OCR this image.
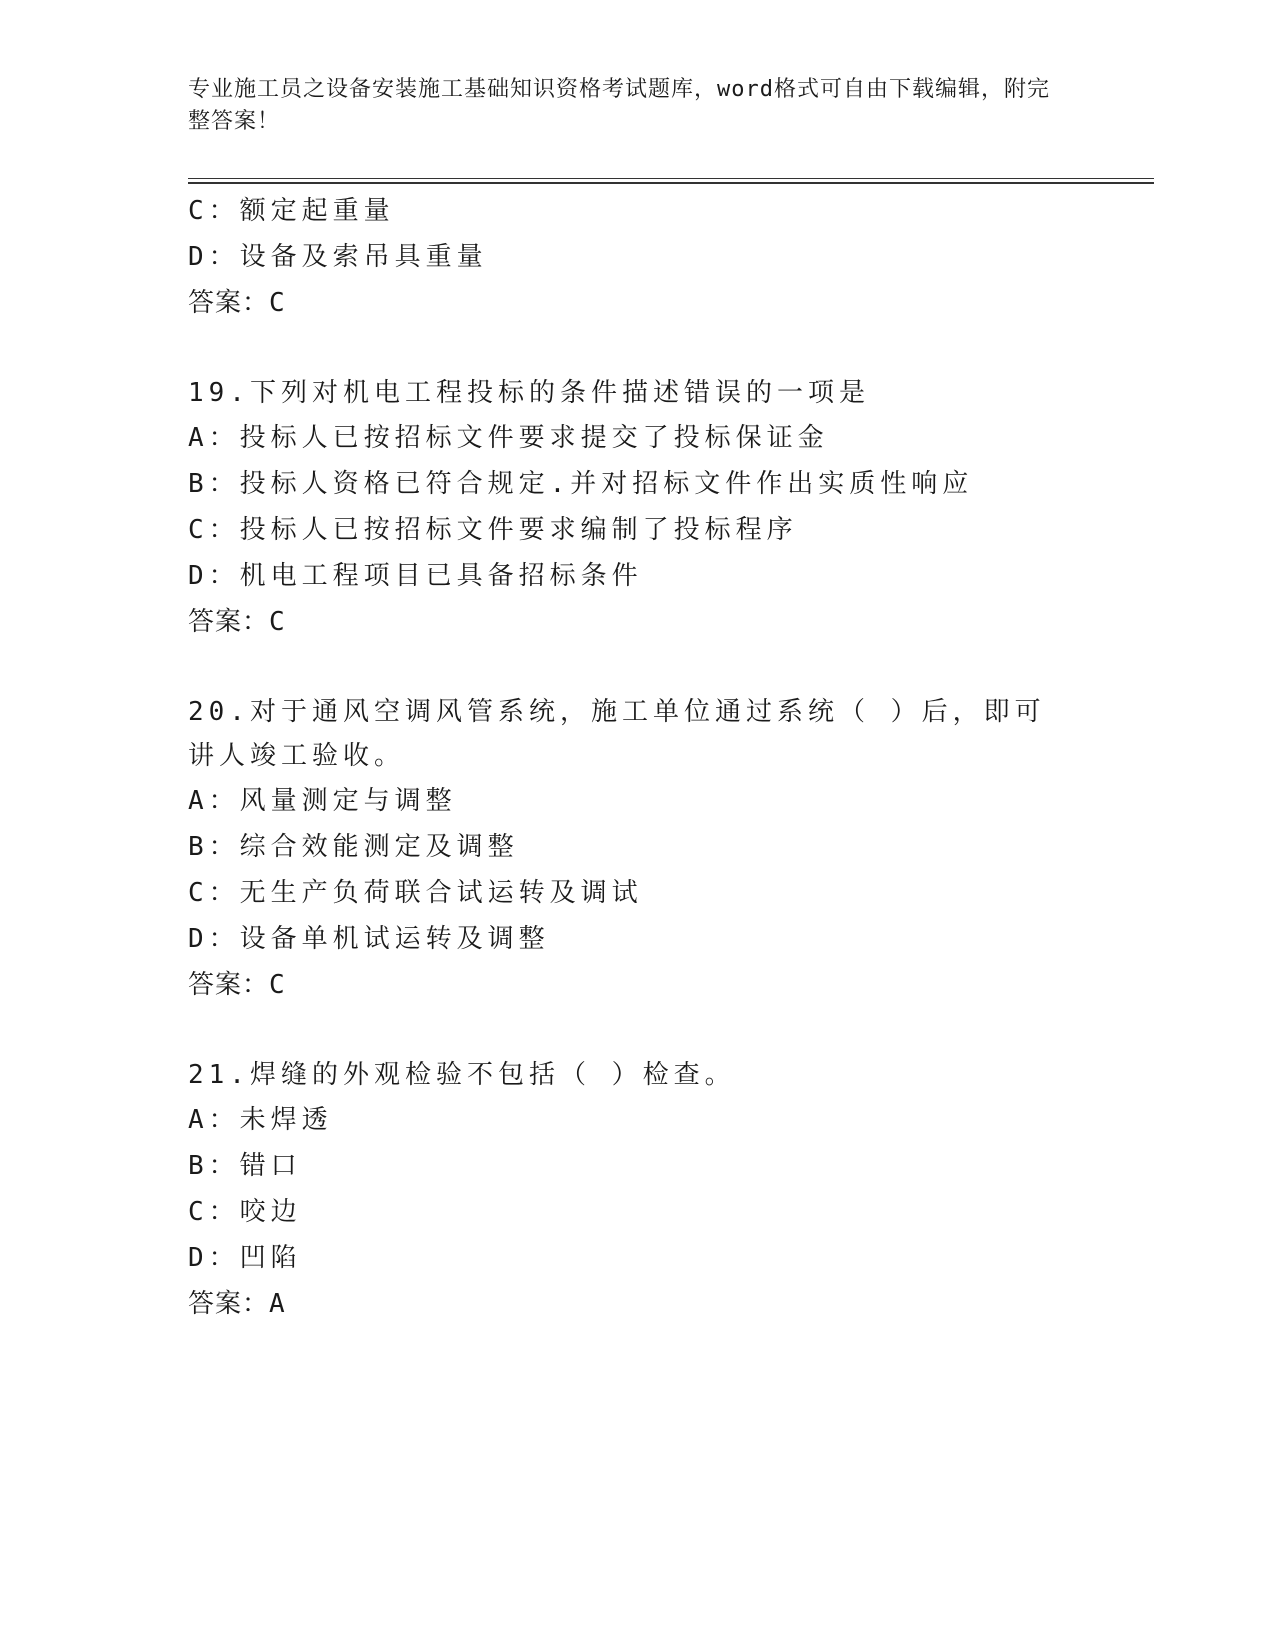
专业施工员之设备安装施工基础知识资格考试题库，word格式可自由下载编辑，附完整答案！
C：额定起重量
D：设备及索吊具重量
答案：C
19.下列对机电工程投标的条件描述错误的一项是
A：投标人已按招标文件要求提交了投标保证金
B：投标人资格已符合规定.并对招标文件作出实质性响应
C：投标人已按招标文件要求编制了投标程序
D：机电工程项目已具备招标条件
答案：C
20.对于通风空调风管系统，施工单位通过系统（ ）后，即可讲人竣工验收。
A：风量测定与调整
B：综合效能测定及调整
C：无生产负荷联合试运转及调试
D：设备单机试运转及调整
答案：C
21.焊缝的外观检验不包括（ ）检查。
A：未焊透
B：错口
C：咬边
D：凹陷
答案：A
